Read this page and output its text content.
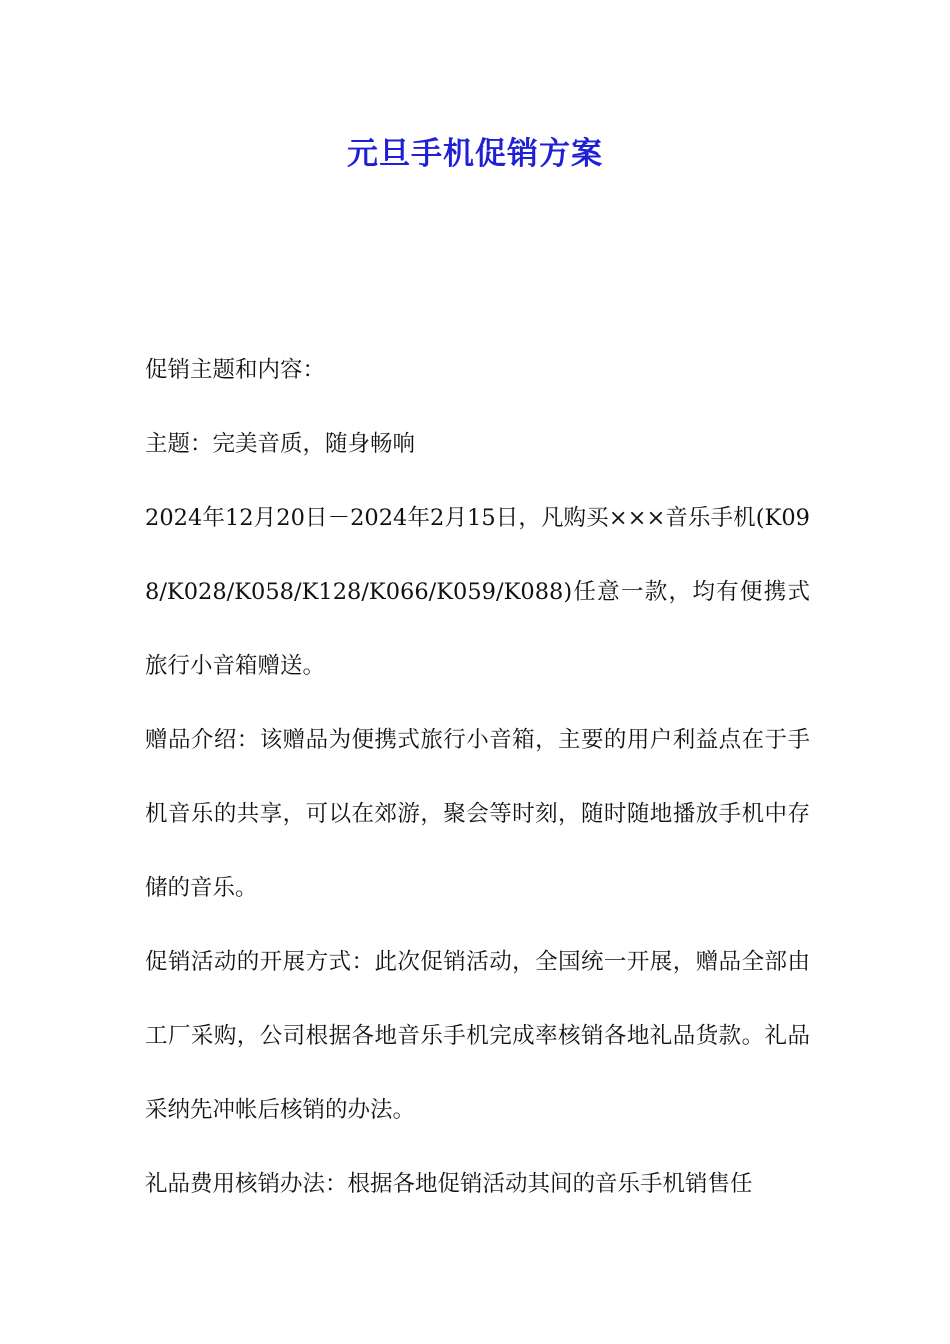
元旦手机促销方案

促销主题和内容：

主题：完美音质，随身畅响

2024年12月20日－2024年2月15日，凡购买×××音乐手机(K098/K028/K058/K128/K066/K059/K088)任意一款，均有便携式旅行小音箱赠送。

赠品介绍：该赠品为便携式旅行小音箱，主要的用户利益点在于手机音乐的共享，可以在郊游，聚会等时刻，随时随地播放手机中存储的音乐。

促销活动的开展方式：此次促销活动，全国统一开展，赠品全部由工厂采购，公司根据各地音乐手机完成率核销各地礼品货款。礼品采纳先冲帐后核销的办法。

礼品费用核销办法：根据各地促销活动其间的音乐手机销售任
